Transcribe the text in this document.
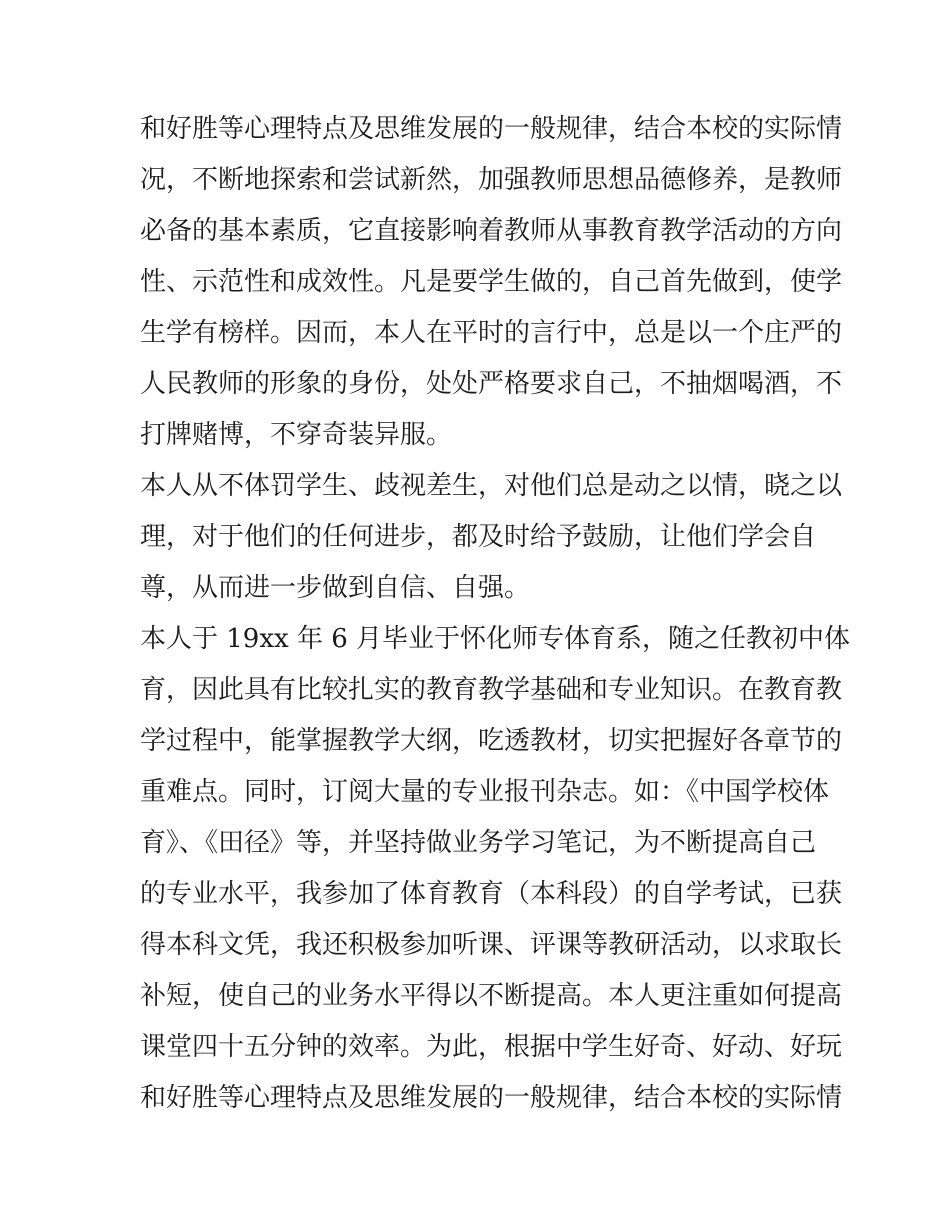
和好胜等心理特点及思维发展的一般规律，结合本校的实际情
况，不断地探索和尝试新然，加强教师思想品德修养，是教师
必备的基本素质，它直接影响着教师从事教育教学活动的方向
性、示范性和成效性。凡是要学生做的，自己首先做到，使学
生学有榜样。因而，本人在平时的言行中，总是以一个庄严的
人民教师的形象的身份，处处严格要求自己，不抽烟喝酒，不
打牌赌博，不穿奇装异服。
本人从不体罚学生、歧视差生，对他们总是动之以情，晓之以
理，对于他们的任何进步，都及时给予鼓励，让他们学会自
尊，从而进一步做到自信、自强。
本人于 19xx 年 6 月毕业于怀化师专体育系，随之任教初中体
育，因此具有比较扎实的教育教学基础和专业知识。在教育教
学过程中，能掌握教学大纲，吃透教材，切实把握好各章节的
重难点。同时，订阅大量的专业报刊杂志。如：《中国学校体
育》、《田径》等，并坚持做业务学习笔记，为不断提高自己
的专业水平，我参加了体育教育（本科段）的自学考试，已获
得本科文凭，我还积极参加听课、评课等教研活动，以求取长
补短，使自己的业务水平得以不断提高。本人更注重如何提高
课堂四十五分钟的效率。为此，根据中学生好奇、好动、好玩
和好胜等心理特点及思维发展的一般规律，结合本校的实际情
